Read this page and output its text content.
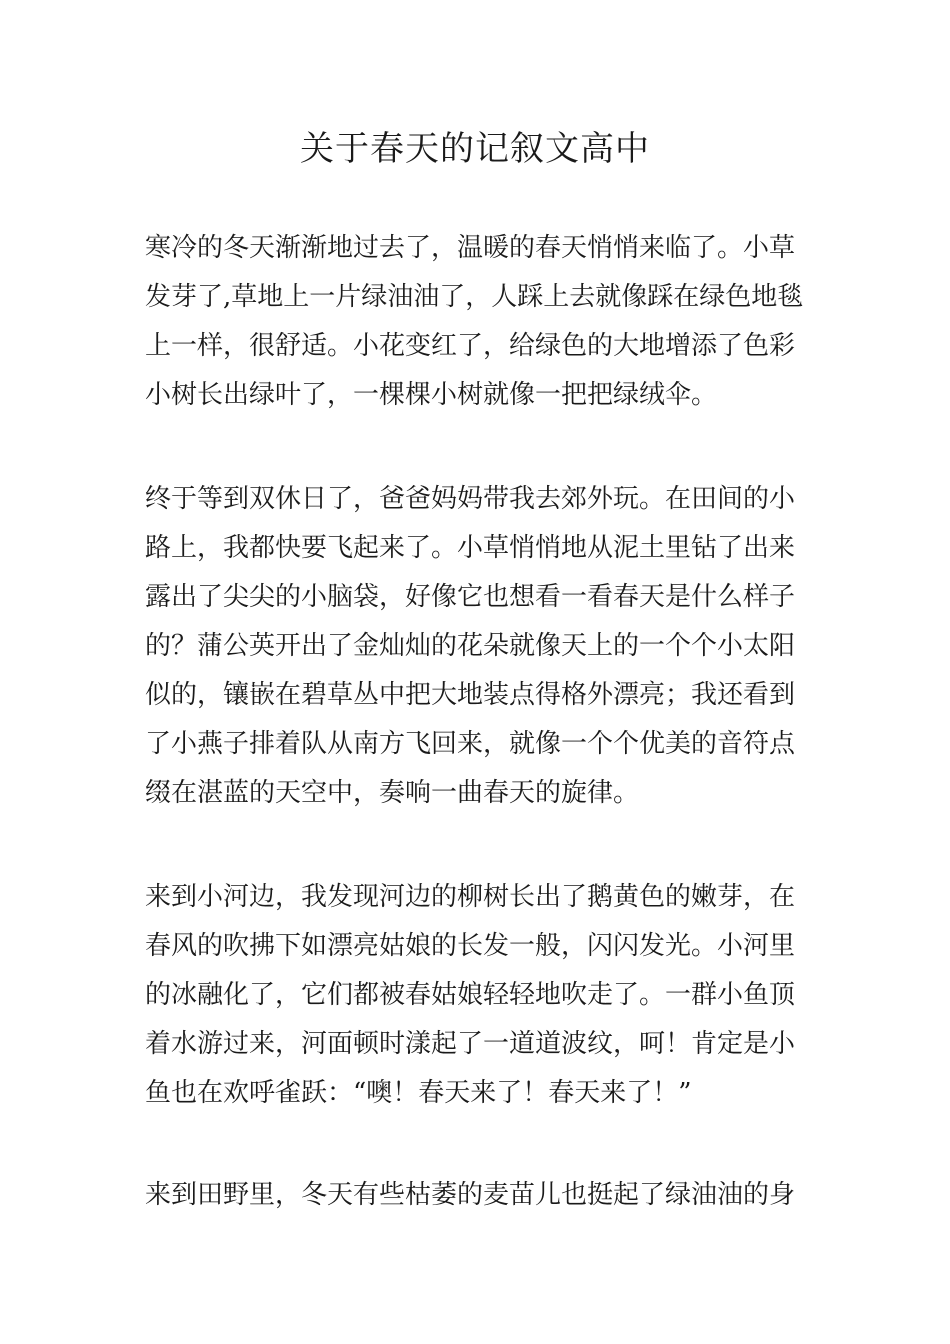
关于春天的记叙文高中
寒冷的冬天渐渐地过去了，温暖的春天悄悄来临了。小草
发芽了,草地上一片绿油油了，人踩上去就像踩在绿色地毯
上一样，很舒适。小花变红了，给绿色的大地增添了色彩
小树长出绿叶了，一棵棵小树就像一把把绿绒伞。
终于等到双休日了，爸爸妈妈带我去郊外玩。在田间的小
路上，我都快要飞起来了。小草悄悄地从泥土里钻了出来
露出了尖尖的小脑袋，好像它也想看一看春天是什么样子
的？蒲公英开出了金灿灿的花朵就像天上的一个个小太阳
似的，镶嵌在碧草丛中把大地装点得格外漂亮；我还看到
了小燕子排着队从南方飞回来，就像一个个优美的音符点
缀在湛蓝的天空中，奏响一曲春天的旋律。
来到小河边，我发现河边的柳树长出了鹅黄色的嫩芽，在
春风的吹拂下如漂亮姑娘的长发一般，闪闪发光。小河里
的冰融化了，它们都被春姑娘轻轻地吹走了。一群小鱼顶
着水游过来，河面顿时漾起了一道道波纹，呵！肯定是小
鱼也在欢呼雀跃：“噢！春天来了！春天来了！”
来到田野里，冬天有些枯萎的麦苗儿也挺起了绿油油的身
